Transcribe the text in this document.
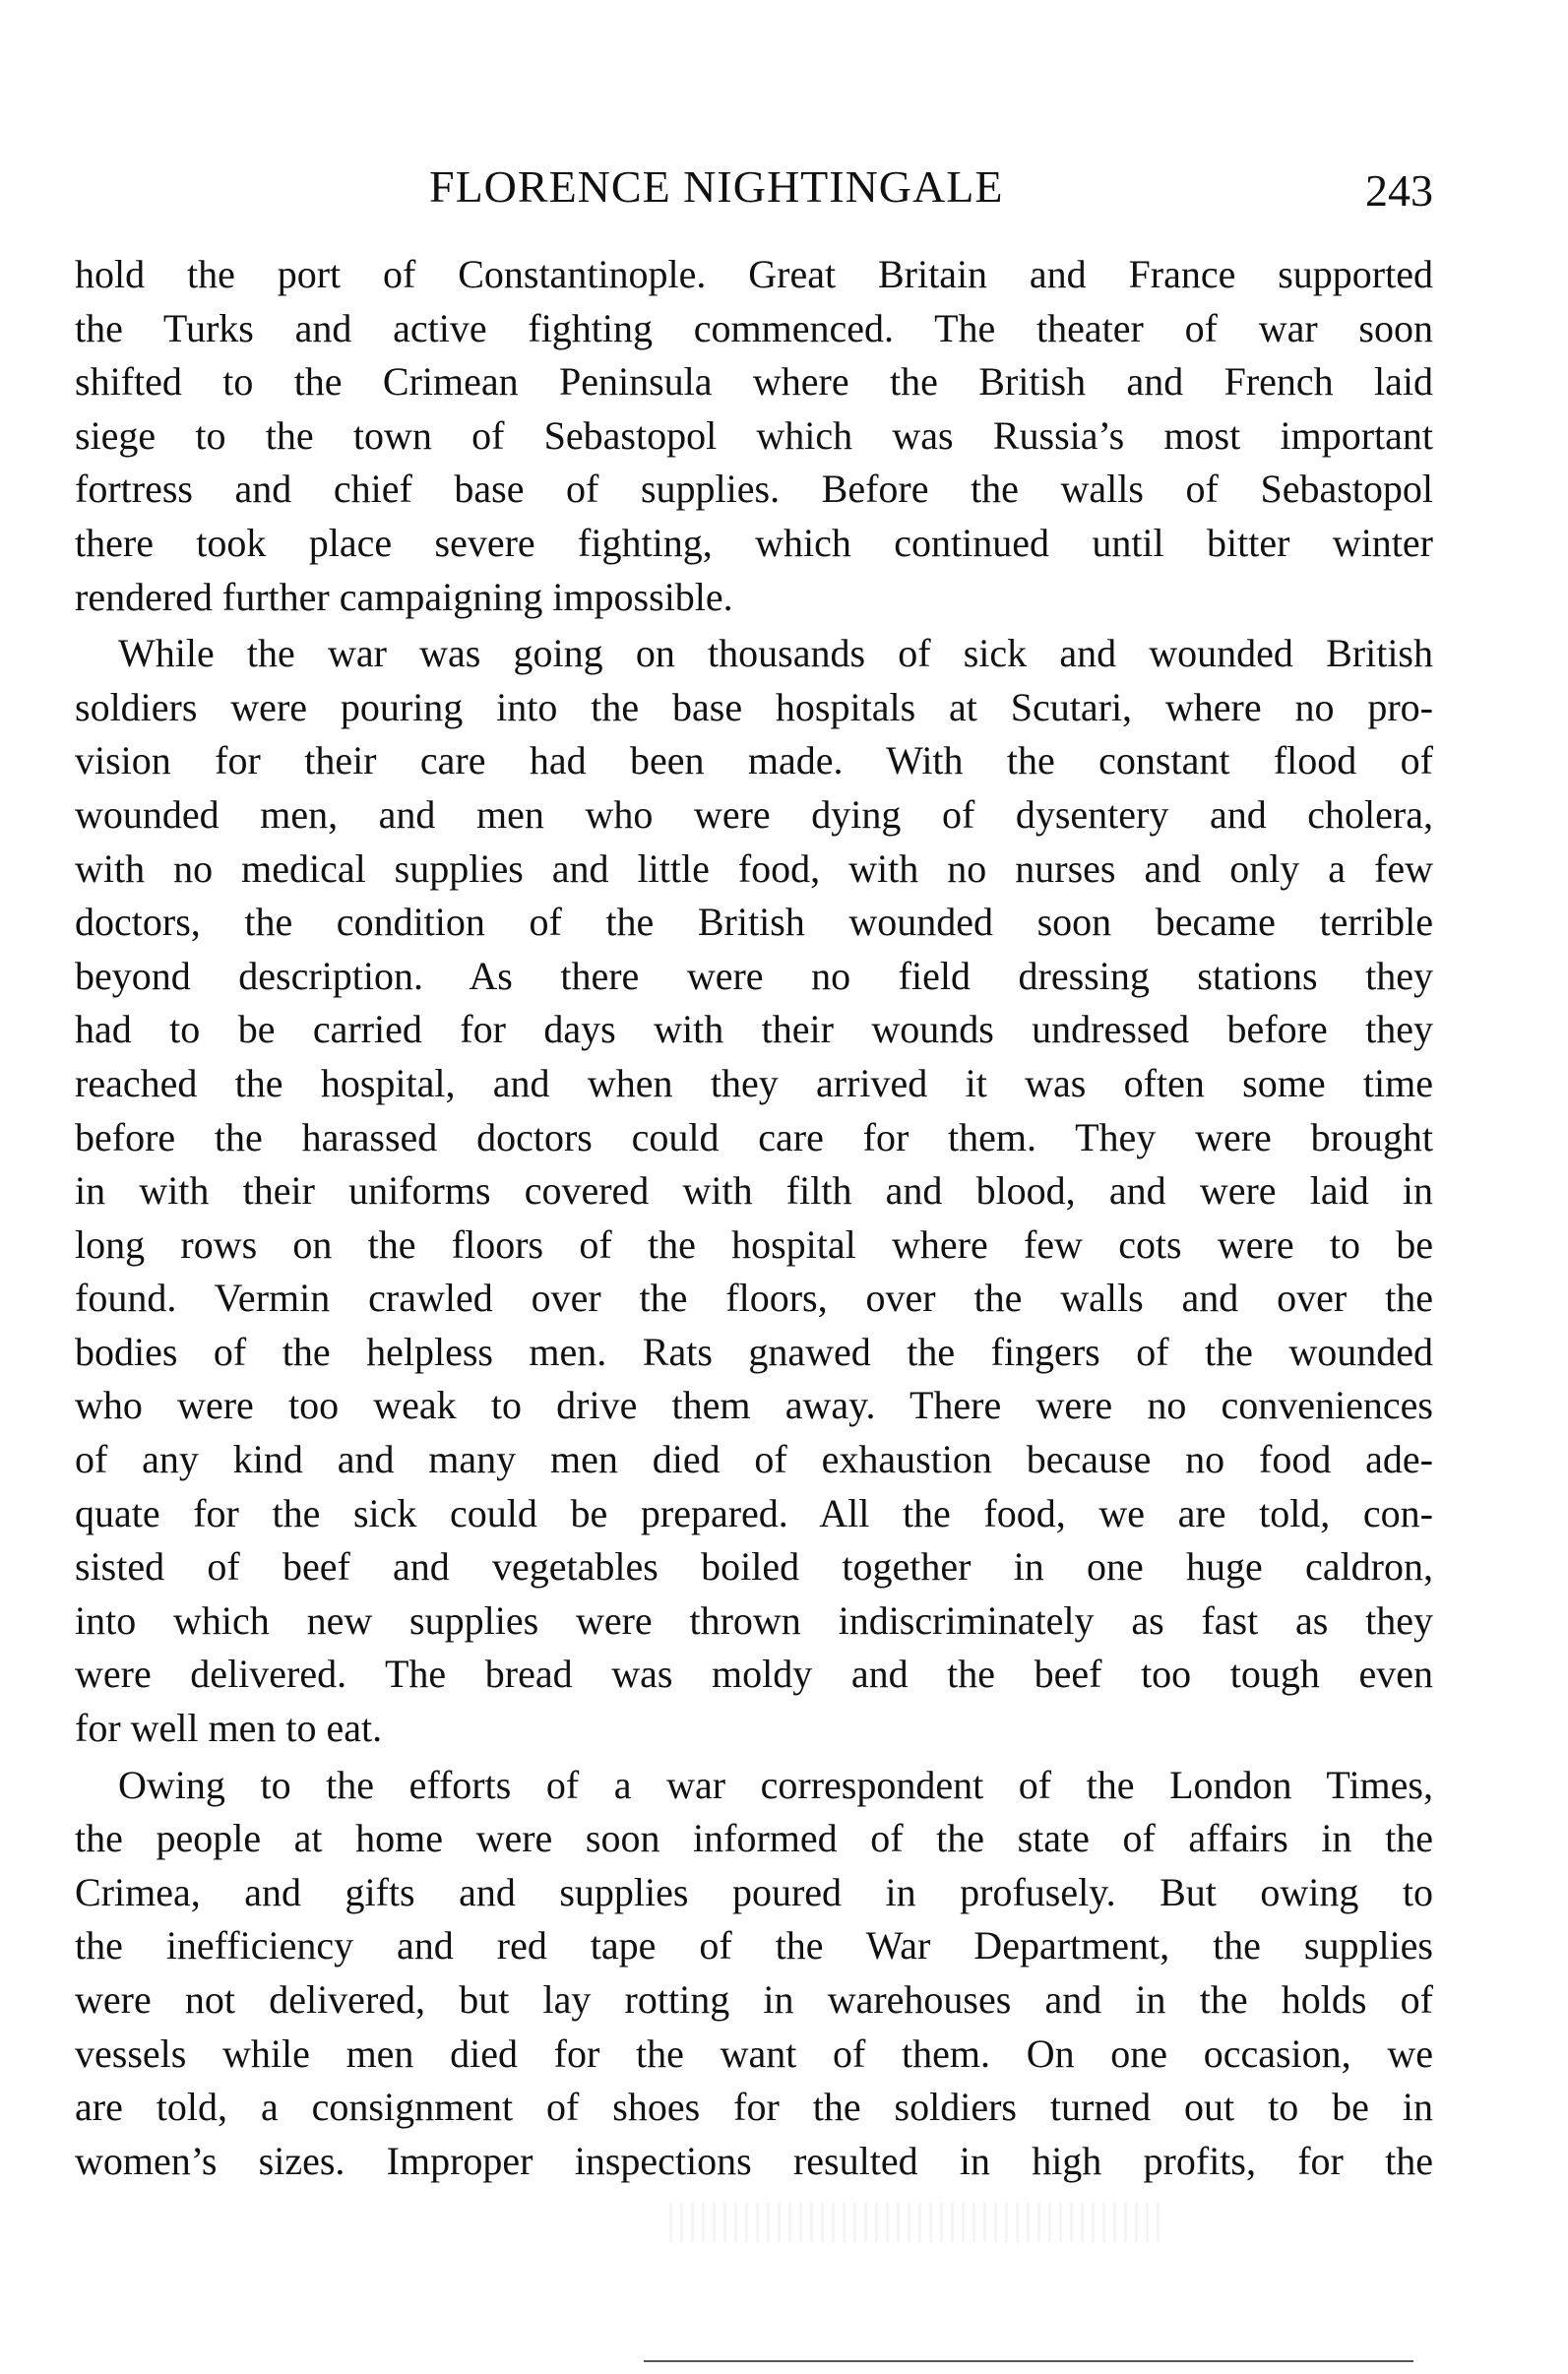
FLORENCE NIGHTINGALE	243
hold the port of Constantinople. Great Britain and France supported
the Turks and active fighting commenced. The theater of war soon
shifted to the Crimean Peninsula where the British and French laid
siege to the town of Sebastopol which was Russia’s most important
fortress and chief base of supplies. Before the walls of Sebastopol
there took place severe fighting, which continued until bitter winter
rendered further campaigning impossible.
While the war was going on thousands of sick and wounded British
soldiers were pouring into the base hospitals at Scutari, where no pro-
vision for their care had been made. With the constant flood of
wounded men, and men who were dying of dysentery and cholera,
with no medical supplies and little food, with no nurses and only a few
doctors, the condition of the British wounded soon became terrible
beyond description. As there were no field dressing stations they
had to be carried for days with their wounds undressed before they
reached the hospital, and when they arrived it was often some time
before the harassed doctors could care for them. They were brought
in with their uniforms covered with filth and blood, and were laid in
long rows on the floors of the hospital where few cots were to be
found. Vermin crawled over the floors, over the walls and over the
bodies of the helpless men. Rats gnawed the fingers of the wounded
who were too weak to drive them away. There were no conveniences
of any kind and many men died of exhaustion because no food ade-
quate for the sick could be prepared. All the food, we are told, con-
sisted of beef and vegetables boiled together in one huge caldron,
into which new supplies were thrown indiscriminately as fast as they
were delivered. The bread was moldy and the beef too tough even
for well men to eat.
Owing to the efforts of a war correspondent of the London Times,
the people at home were soon informed of the state of affairs in the
Crimea, and gifts and supplies poured in profusely. But owing to
the inefficiency and red tape of the War Department, the supplies
were not delivered, but lay rotting in warehouses and in the holds of
vessels while men died for the want of them. On one occasion, we
are told, a consignment of shoes for the soldiers turned out to be in
women’s sizes. Improper inspections resulted in high profits, for the
